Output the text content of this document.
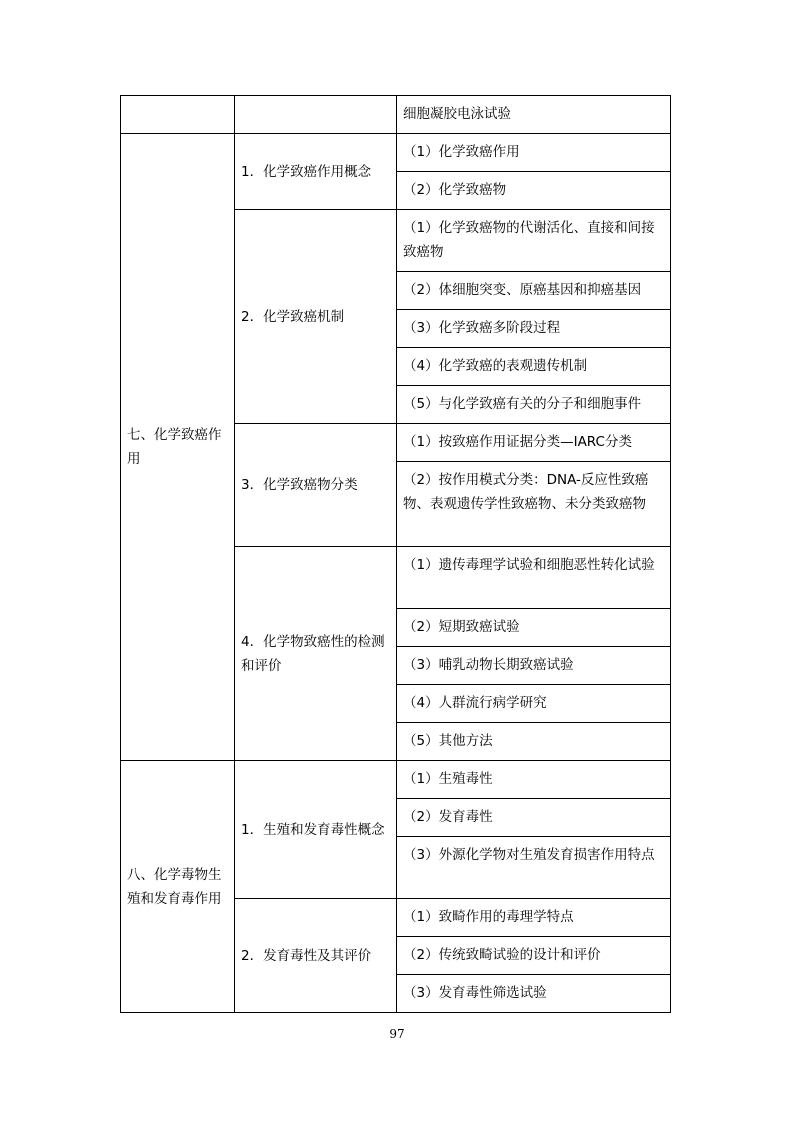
		细胞凝胶电泳试验
七、化学致癌作用	1．化学致癌作用概念	（1）化学致癌作用
		（2）化学致癌物
	2．化学致癌机制	（1）化学致癌物的代谢活化、直接和间接致癌物
		（2）体细胞突变、原癌基因和抑癌基因
		（3）化学致癌多阶段过程
		（4）化学致癌的表观遗传机制
		（5）与化学致癌有关的分子和细胞事件
	3．化学致癌物分类	（1）按致癌作用证据分类—IARC分类
		（2）按作用模式分类：DNA-反应性致癌物、表观遗传学性致癌物、未分类致癌物
	4．化学物致癌性的检测和评价	（1）遗传毒理学试验和细胞恶性转化试验
		（2）短期致癌试验
		（3）哺乳动物长期致癌试验
		（4）人群流行病学研究
		（5）其他方法
八、化学毒物生殖和发育毒作用	1．生殖和发育毒性概念	（1）生殖毒性
		（2）发育毒性
		（3）外源化学物对生殖发育损害作用特点
	2．发育毒性及其评价	（1）致畸作用的毒理学特点
		（2）传统致畸试验的设计和评价
		（3）发育毒性筛选试验
97
